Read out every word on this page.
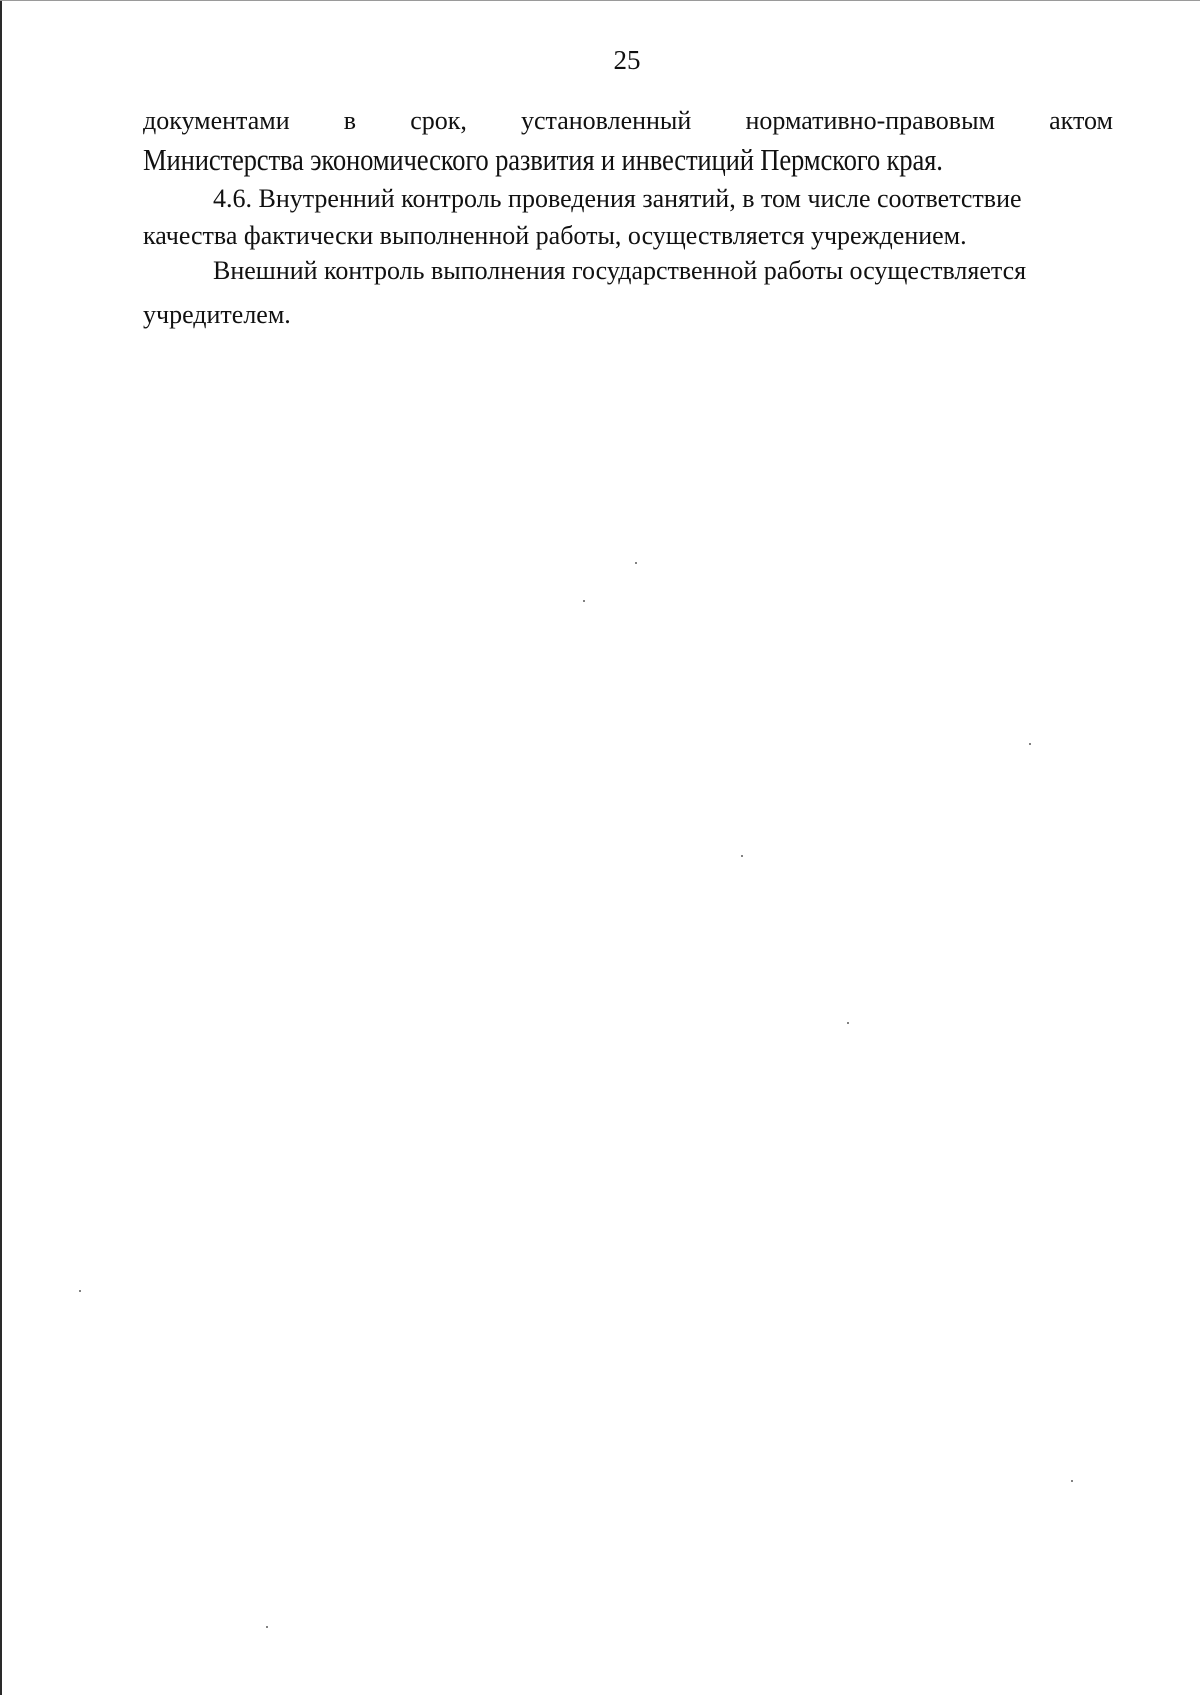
25
документами в срок, установленный нормативно-правовым актом
Министерства экономического развития и инвестиций Пермского края.
4.6. Внутренний контроль проведения занятий, в том числе соответствие
качества фактически выполненной работы, осуществляется учреждением.
Внешний контроль выполнения государственной работы осуществляется
учредителем.
